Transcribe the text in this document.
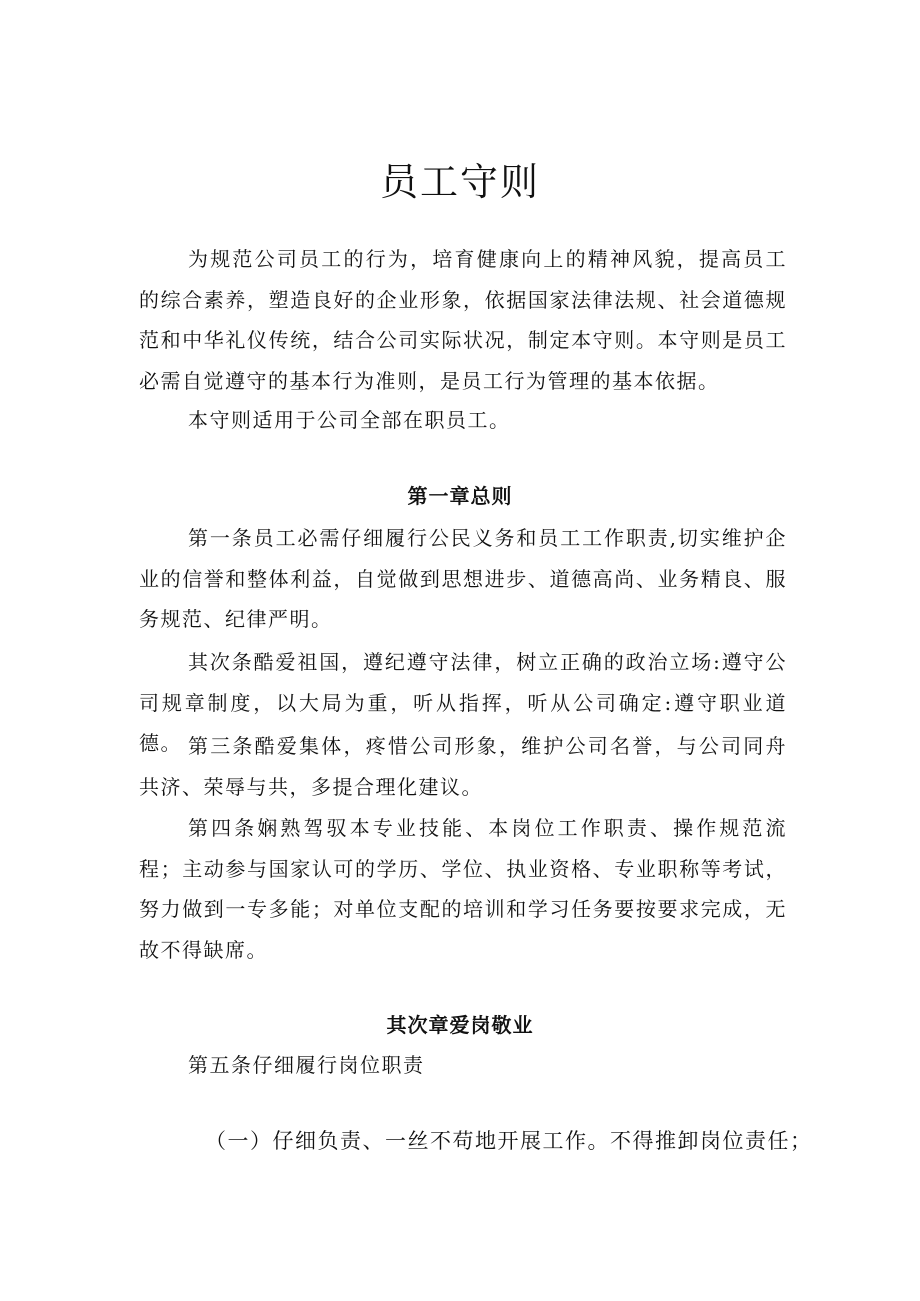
员工守则

为规范公司员工的行为，培育健康向上的精神风貌，提高员工的综合素养，塑造良好的企业形象，依据国家法律法规、社会道德规范和中华礼仪传统，结合公司实际状况，制定本守则。本守则是员工必需自觉遵守的基本行为准则，是员工行为管理的基本依据。

本守则适用于公司全部在职员工。

第一章总则

第一条员工必需仔细履行公民义务和员工工作职责,切实维护企业的信誉和整体利益，自觉做到思想进步、道德高尚、业务精良、服务规范、纪律严明。

其次条酷爱祖国，遵纪遵守法律，树立正确的政治立场:遵守公司规章制度，以大局为重，听从指挥，听从公司确定:遵守职业道德。 第三条酷爱集体，疼惜公司形象，维护公司名誉，与公司同舟共济、荣辱与共，多提合理化建议。

第四条娴熟驾驭本专业技能、本岗位工作职责、操作规范流程；主动参与国家认可的学历、学位、执业资格、专业职称等考试，努力做到一专多能；对单位支配的培训和学习任务要按要求完成，无故不得缺席。

其次章爱岗敬业

第五条仔细履行岗位职责

（一）仔细负责、一丝不苟地开展工作。不得推卸岗位责任；
